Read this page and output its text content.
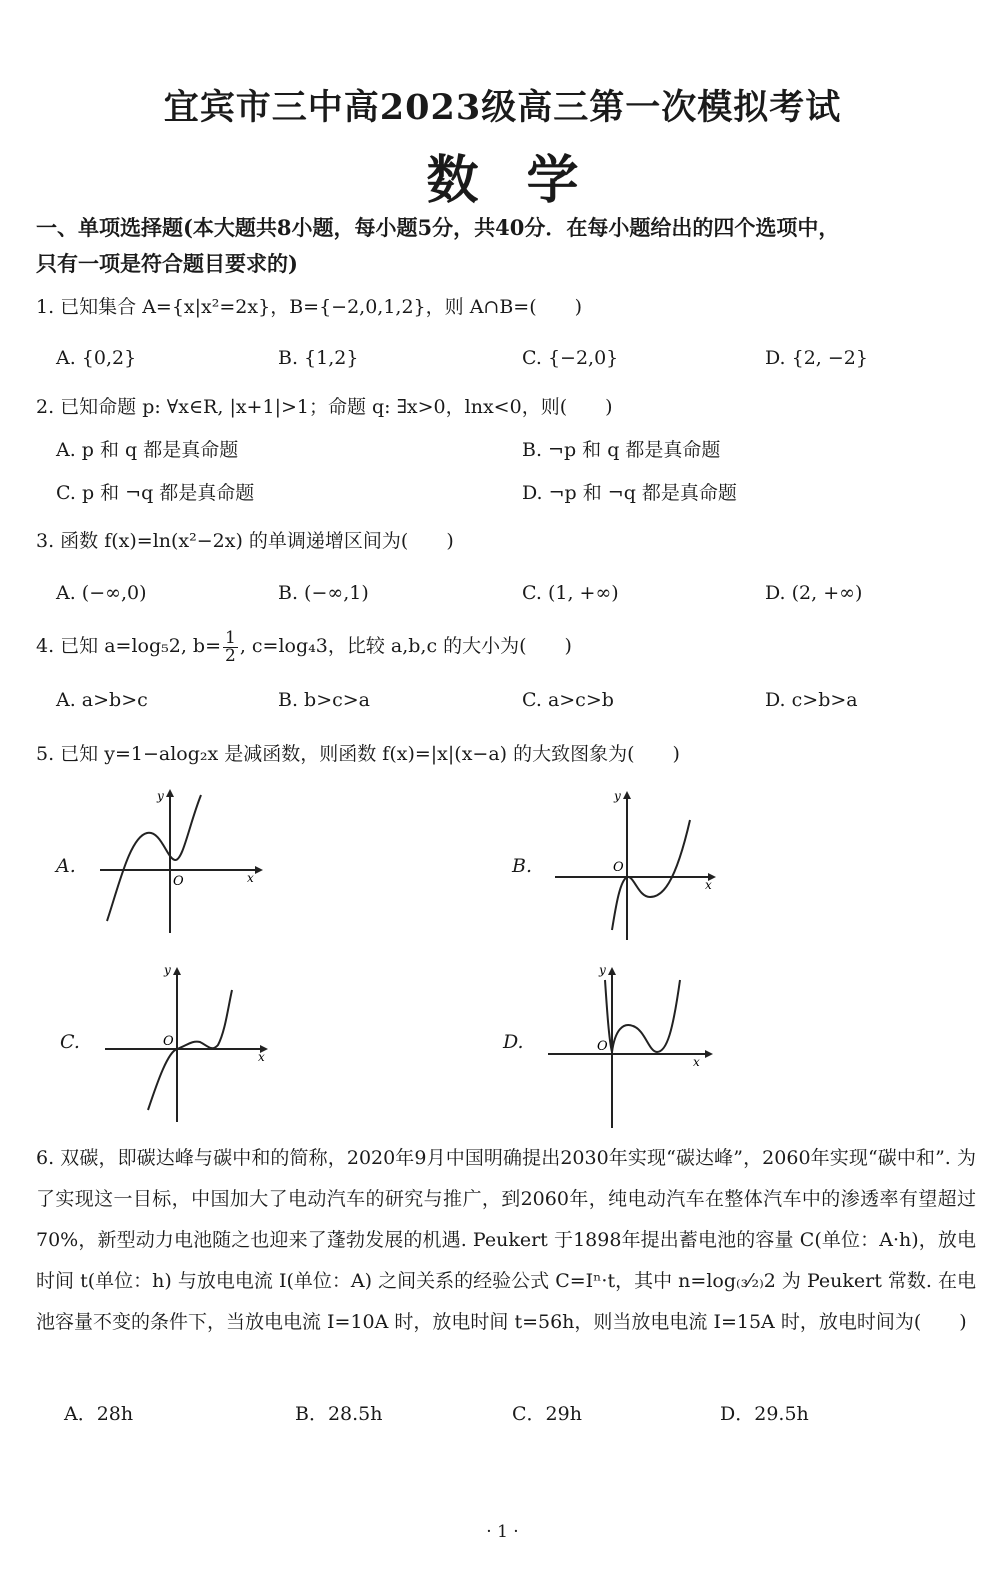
宜宾市三中高2023级高三第一次模拟考试
数学
一、单项选择题(本大题共8小题，每小题5分，共40分．在每小题给出的四个选项中，
只有一项是符合题目要求的)
1. 已知集合 A={x|x²=2x}，B={−2,0,1,2}，则 A∩B=(　　)
A. {0,2}	B. {1,2}	C. {−2,0}	D. {2, −2}
2. 已知命题 p: ∀x∈R, |x+1|>1；命题 q: ∃x>0，lnx<0，则(　　)
A. p 和 q 都是真命题	B. ¬p 和 q 都是真命题
C. p 和 ¬q 都是真命题	D. ¬p 和 ¬q 都是真命题
3. 函数 f(x)=ln(x²−2x) 的单调递增区间为(　　)
A. (−∞,0)	B. (−∞,1)	C. (1, +∞)	D. (2, +∞)
4. 已知 a=log₅2, $b= \frac{1}{2}$ , c=log₄3，比较 a,b,c 的大小为(　　)
A. a>b>c	B. b>c>a	C. a>c>b	D. c>b>a
5. 已知 y=1−alog₂x 是减函数，则函数 f(x)=|x|(x−a) 的大致图象为(　　)
A.
x
y
O
B.
x
y
O
C.
x
y
O	D.
x
y
O
6. 双碳，即碳达峰与碳中和的简称，2020年9月中国明确提出2030年实现“碳达峰”，2060年实现“碳中和”. 为了实现这一目标，中国加大了电动汽车的研究与推广，到2060年，纯电动汽车在整体汽车中的渗透率有望超过70%，新型动力电池随之也迎来了蓬勃发展的机遇. Peukert 于1898年提出蓄电池的容量 C(单位：A·h)，放电时间 t(单位：h) 与放电电流 I(单位：A) 之间关系的经验公式 C=Iⁿ·t，其中 n=log₍₃⁄₂₎2 为 Peukert 常数. 在电池容量不变的条件下，当放电电流 I=10A 时，放电时间 t=56h，则当放电电流 I=15A 时，放电时间为(　　)
A．28h	B．28.5h	C．29h	D．29.5h
· 1 ·
